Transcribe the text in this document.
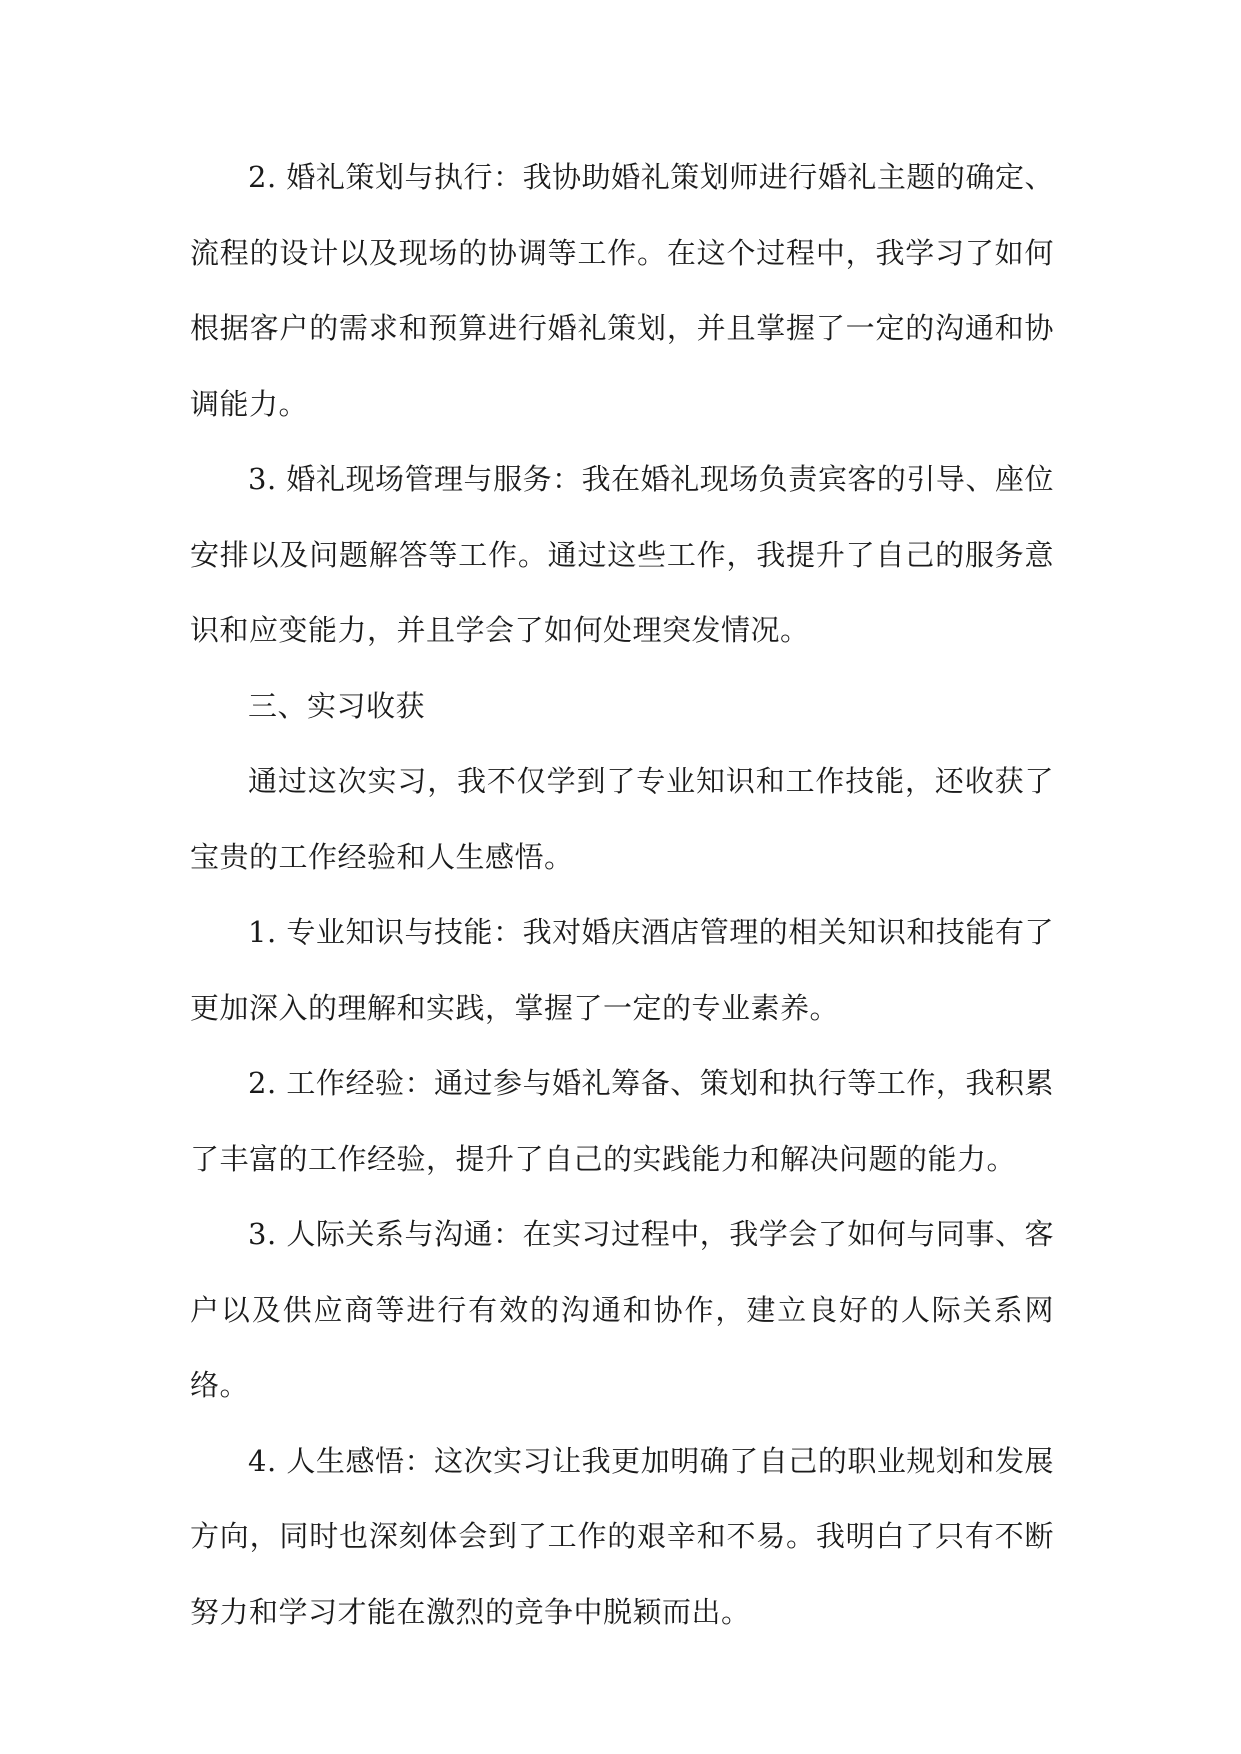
2. 婚礼策划与执行：我协助婚礼策划师进行婚礼主题的确定、流程的设计以及现场的协调等工作。在这个过程中，我学习了如何根据客户的需求和预算进行婚礼策划，并且掌握了一定的沟通和协调能力。

3. 婚礼现场管理与服务：我在婚礼现场负责宾客的引导、座位安排以及问题解答等工作。通过这些工作，我提升了自己的服务意识和应变能力，并且学会了如何处理突发情况。

三、实习收获

通过这次实习，我不仅学到了专业知识和工作技能，还收获了宝贵的工作经验和人生感悟。

1. 专业知识与技能：我对婚庆酒店管理的相关知识和技能有了更加深入的理解和实践，掌握了一定的专业素养。

2. 工作经验：通过参与婚礼筹备、策划和执行等工作，我积累了丰富的工作经验，提升了自己的实践能力和解决问题的能力。

3. 人际关系与沟通：在实习过程中，我学会了如何与同事、客户以及供应商等进行有效的沟通和协作，建立良好的人际关系网络。

4. 人生感悟：这次实习让我更加明确了自己的职业规划和发展方向，同时也深刻体会到了工作的艰辛和不易。我明白了只有不断努力和学习才能在激烈的竞争中脱颖而出。
